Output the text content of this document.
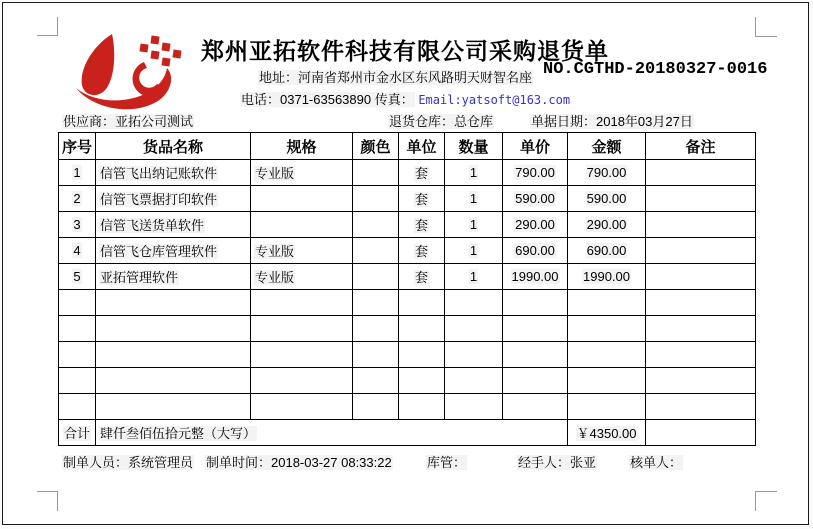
郑州亚拓软件科技有限公司采购退货单
地址：河南省郑州市金水区东风路明天财智名座 NO.CGTHD-20180327-0016
电话：0371-63563890 传真： Email:yatsoft@163.com
供应商：亚拓公司测试	退货仓库：总仓库	单据日期：2018年03月27日
序号	货品名称	规格	颜色	单位	数量	单价	金额	备注
1	信管飞出纳记账软件	专业版		套	1	790.00	790.00	
2	信管飞票据打印软件			套	1	590.00	590.00	
3	信管飞送货单软件			套	1	290.00	290.00	
4	信管飞仓库管理软件	专业版		套	1	690.00	690.00	
5	亚拓管理软件	专业版		套	1	1990.00	1990.00	

合计	肆仟叁佰伍拾元整（大写）						￥4350.00	
制单人员：系统管理员 制单时间：2018-03-27 08:33:22	库管：	经手人：张亚	核单人：
